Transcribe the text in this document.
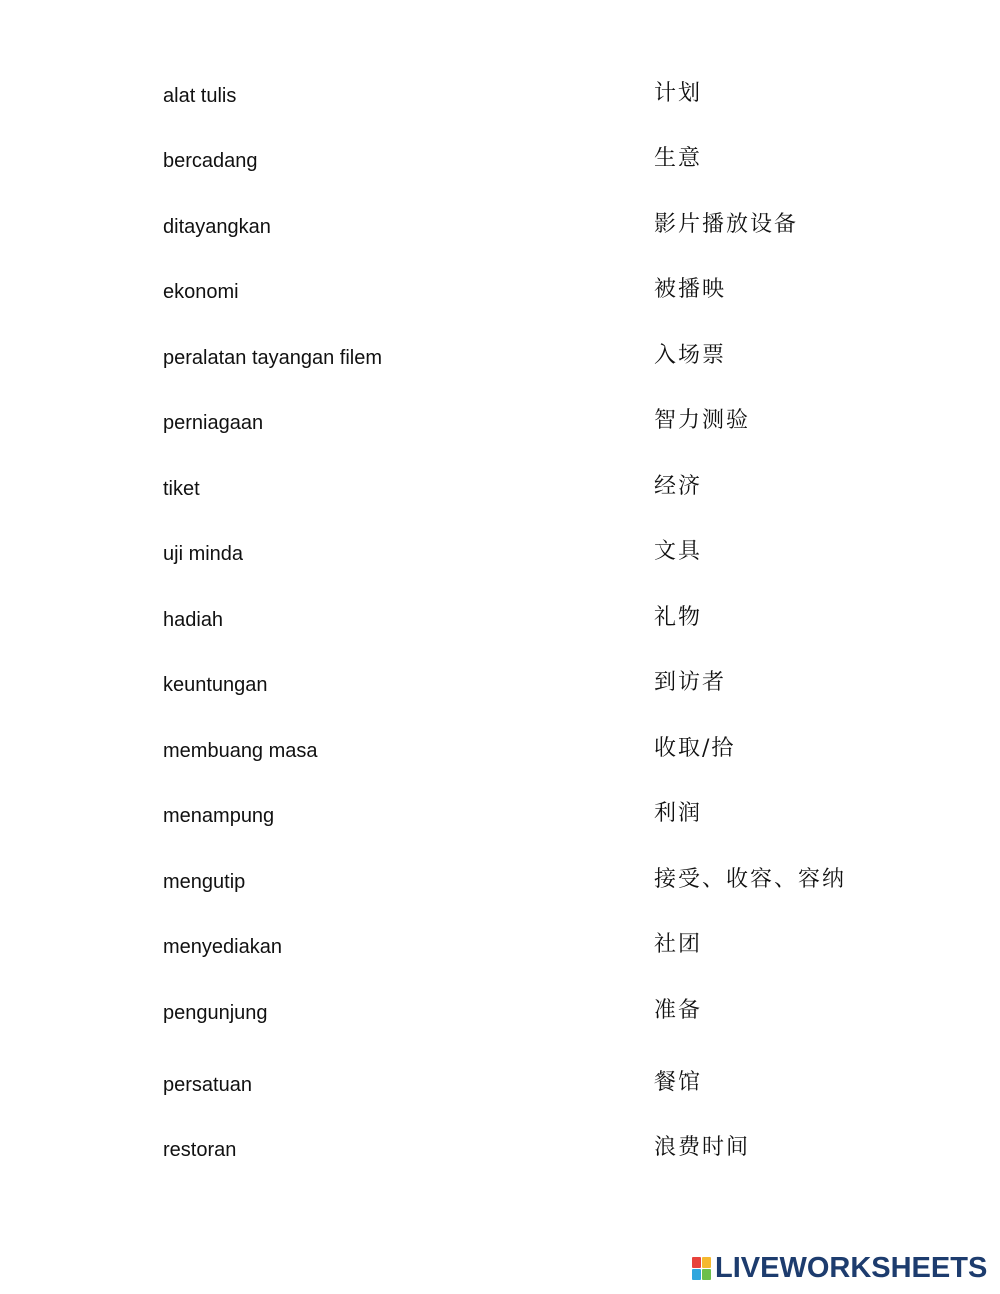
alat tulis	计划
bercadang	生意
ditayangkan	影片播放设备
ekonomi	被播映
peralatan tayangan filem	入场票
perniagaan	智力测验
tiket	经济
uji minda	文具
hadiah	礼物
keuntungan	到访者
membuang masa	收取/拾
menampung	利润
mengutip	接受、收容、容纳
menyediakan	社团
pengunjung	准备
persatuan	餐馆
restoran	浪费时间
LIVEWORKSHEETS
